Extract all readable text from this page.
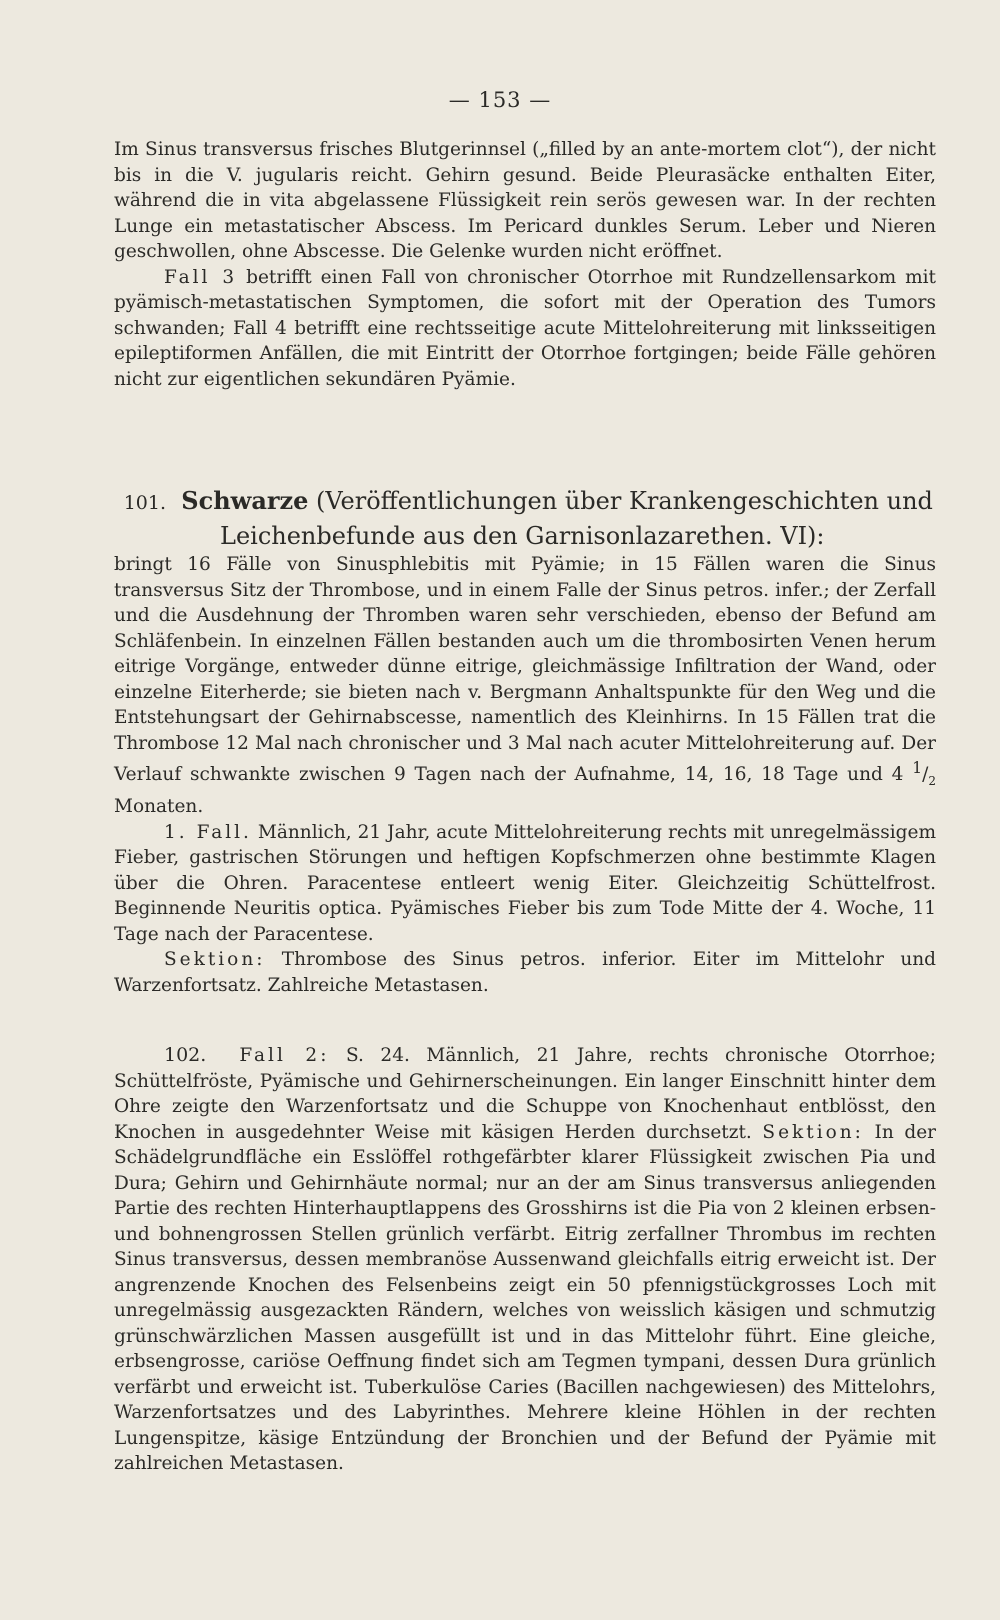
— 153 —

Im Sinus transversus frisches Blutgerinnsel („filled by an ante-mortem clot“), der nicht bis in die V. jugularis reicht. Gehirn gesund. Beide Pleurasäcke enthalten Eiter, während die in vita abgelassene Flüssigkeit rein serös gewesen war. In der rechten Lunge ein metastatischer Abscess. Im Pericard dunkles Serum. Leber und Nieren geschwollen, ohne Abscesse. Die Gelenke wurden nicht eröffnet.

Fall 3 betrifft einen Fall von chronischer Otorrhoe mit Rundzellensarkom mit pyämisch-metastatischen Symptomen, die sofort mit der Operation des Tumors schwanden; Fall 4 betrifft eine rechtsseitige acute Mittelohreiterung mit linksseitigen epileptiformen Anfällen, die mit Eintritt der Otorrhoe fortgingen; beide Fälle gehören nicht zur eigentlichen sekundären Pyämie.

101. Schwarze (Veröffentlichungen über Krankengeschichten und
Leichenbefunde aus den Garnisonlazarethen. VI):

bringt 16 Fälle von Sinusphlebitis mit Pyämie; in 15 Fällen waren die Sinus transversus Sitz der Thrombose, und in einem Falle der Sinus petros. infer.; der Zerfall und die Ausdehnung der Thromben waren sehr verschieden, ebenso der Befund am Schläfenbein. In einzelnen Fällen bestanden auch um die thrombosirten Venen herum eitrige Vorgänge, entweder dünne eitrige, gleichmässige Infiltration der Wand, oder einzelne Eiterherde; sie bieten nach v. Bergmann Anhaltspunkte für den Weg und die Entstehungsart der Gehirnabscesse, namentlich des Kleinhirns. In 15 Fällen trat die Thrombose 12 Mal nach chronischer und 3 Mal nach acuter Mittelohreiterung auf. Der Verlauf schwankte zwischen 9 Tagen nach der Aufnahme, 14, 16, 18 Tage und 4 $^1/_2$ Monaten.

1. Fall. Männlich, 21 Jahr, acute Mittelohreiterung rechts mit unregelmässigem Fieber, gastrischen Störungen und heftigen Kopfschmerzen ohne bestimmte Klagen über die Ohren. Paracentese entleert wenig Eiter. Gleichzeitig Schüttelfrost. Beginnende Neuritis optica. Pyämisches Fieber bis zum Tode Mitte der 4. Woche, 11 Tage nach der Paracentese.

Sektion: Thrombose des Sinus petros. inferior. Eiter im Mittelohr und Warzenfortsatz. Zahlreiche Metastasen.

102. Fall 2: S. 24. Männlich, 21 Jahre, rechts chronische Otorrhoe; Schüttelfröste, Pyämische und Gehirnerscheinungen. Ein langer Einschnitt hinter dem Ohre zeigte den Warzenfortsatz und die Schuppe von Knochenhaut entblösst, den Knochen in ausgedehnter Weise mit käsigen Herden durchsetzt. Sektion: In der Schädelgrundfläche ein Esslöffel rothgefärbter klarer Flüssigkeit zwischen Pia und Dura; Gehirn und Gehirnhäute normal; nur an der am Sinus transversus anliegenden Partie des rechten Hinterhauptlappens des Grosshirns ist die Pia von 2 kleinen erbsen- und bohnengrossen Stellen grünlich verfärbt. Eitrig zerfallner Thrombus im rechten Sinus transversus, dessen membranöse Aussenwand gleichfalls eitrig erweicht ist. Der angrenzende Knochen des Felsenbeins zeigt ein 50 pfennigstückgrosses Loch mit unregelmässig ausgezackten Rändern, welches von weisslich käsigen und schmutzig grünschwärzlichen Massen ausgefüllt ist und in das Mittelohr führt. Eine gleiche, erbsengrosse, cariöse Oeffnung findet sich am Tegmen tympani, dessen Dura grünlich verfärbt und erweicht ist. Tuberkulöse Caries (Bacillen nachgewiesen) des Mittelohrs, Warzenfortsatzes und des Labyrinthes. Mehrere kleine Höhlen in der rechten Lungenspitze, käsige Entzündung der Bronchien und der Befund der Pyämie mit zahlreichen Metastasen.
